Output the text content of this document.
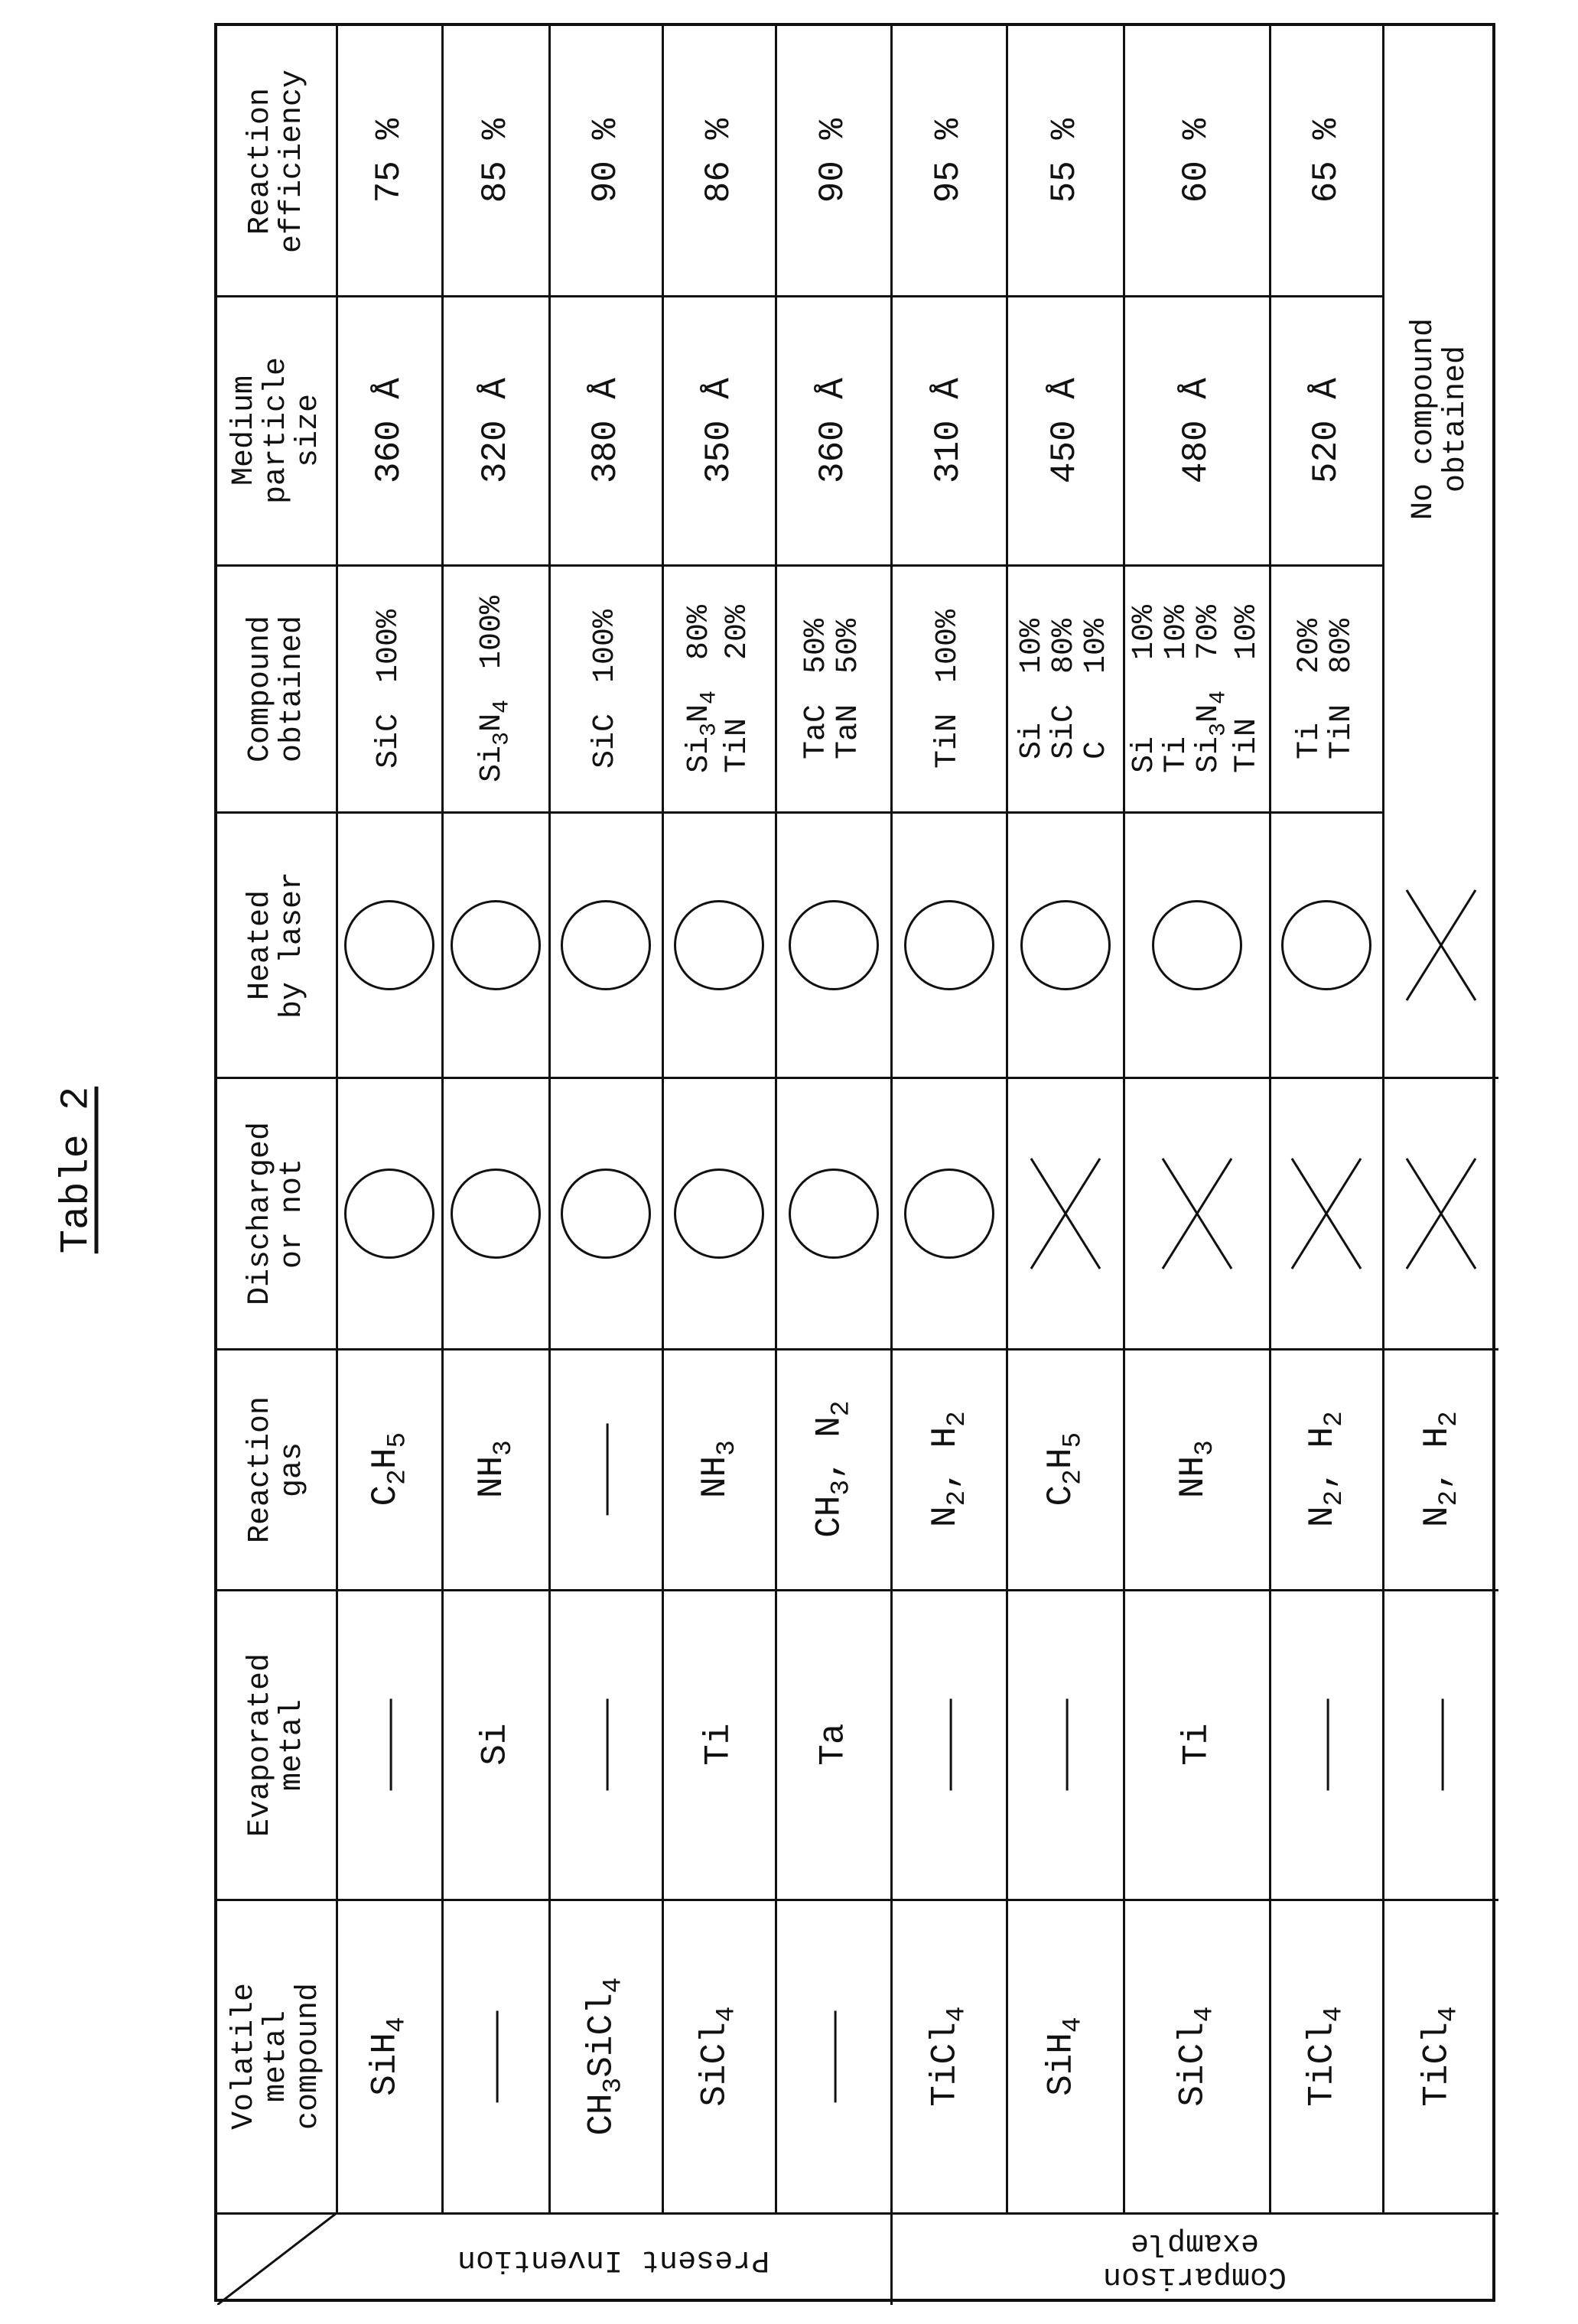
Table 2
Reaction
efficiency
Medium
particle
size
Compound
obtained
Heated
by laser
Discharged
or not
Reaction
gas
Evaporated
metal
Volatile
metal
compound
Present Invention	Comparison
example
75 %
360 Å
SiC
100%
$C_2H_5$
SiH$_4$
85 %
320 Å
$Si_3N_4$
100%
$NH_3$
Si
90 %
380 Å
SiC
100%
$CH_3SiCl_4$
86 %
350 Å
$Si_3N_4$
80%
TiN
20%
$NH_3$
Ti
SiCl$_4$
90 %
360 Å
TaC
50%
TaN
50%
$CH_3$, $N_2$
Ta
95 %
310 Å
TiN
100%
$N_2$, $H_2$
TiCl$_4$
55 %
450 Å
Si
10%
SiC
80%
C
10%
$C_2H_5$
SiH$_4$
60 %
480 Å
Si
10%
Ti
10%
$Si_3N_4$
70%
TiN
10%
$NH_3$
Ti
SiCl$_4$
65 %
520 Å
Ti
20%
TiN
80%
$N_2$, $H_2$
TiCl$_4$
$N_2$, $H_2$
TiCl$_4$
No compound
obtained
